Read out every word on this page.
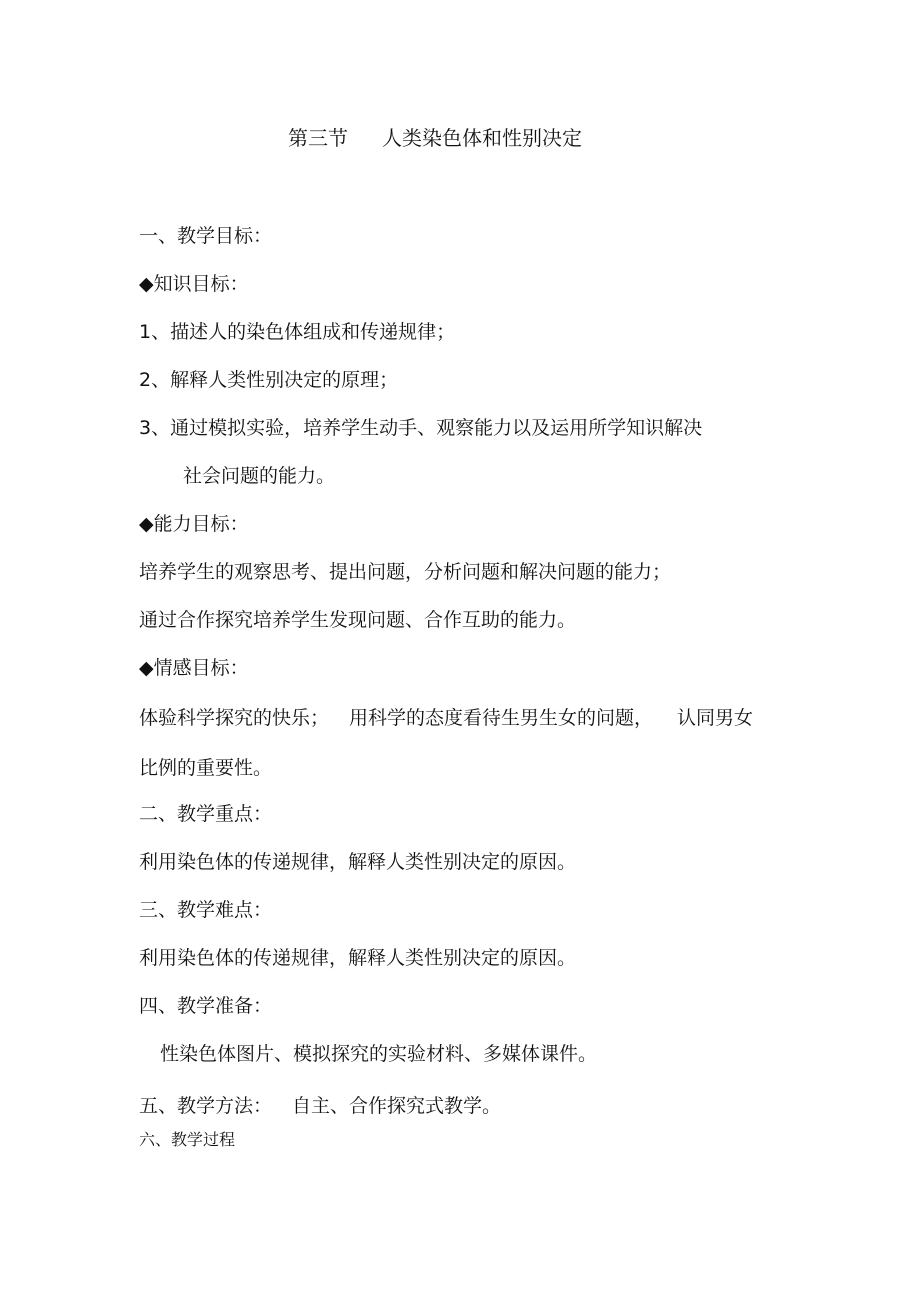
第三节 人类染色体和性别决定
一、教学目标：
◆知识目标：
1、描述人的染色体组成和传递规律；
2、解释人类性别决定的原理；
3、通过模拟实验，培养学生动手、观察能力以及运用所学知识解决
社会问题的能力。
◆能力目标：
培养学生的观察思考、提出问题，分析问题和解决问题的能力；
通过合作探究培养学生发现问题、合作互助的能力。
◆情感目标：
体验科学探究的快乐； 用科学的态度看待生男生女的问题， 认同男女
比例的重要性。
二、教学重点：
利用染色体的传递规律，解释人类性别决定的原因。
三、教学难点：
利用染色体的传递规律，解释人类性别决定的原因。
四、教学准备：
性染色体图片、模拟探究的实验材料、多媒体课件。
五、教学方法： 自主、合作探究式教学。
六、教学过程
